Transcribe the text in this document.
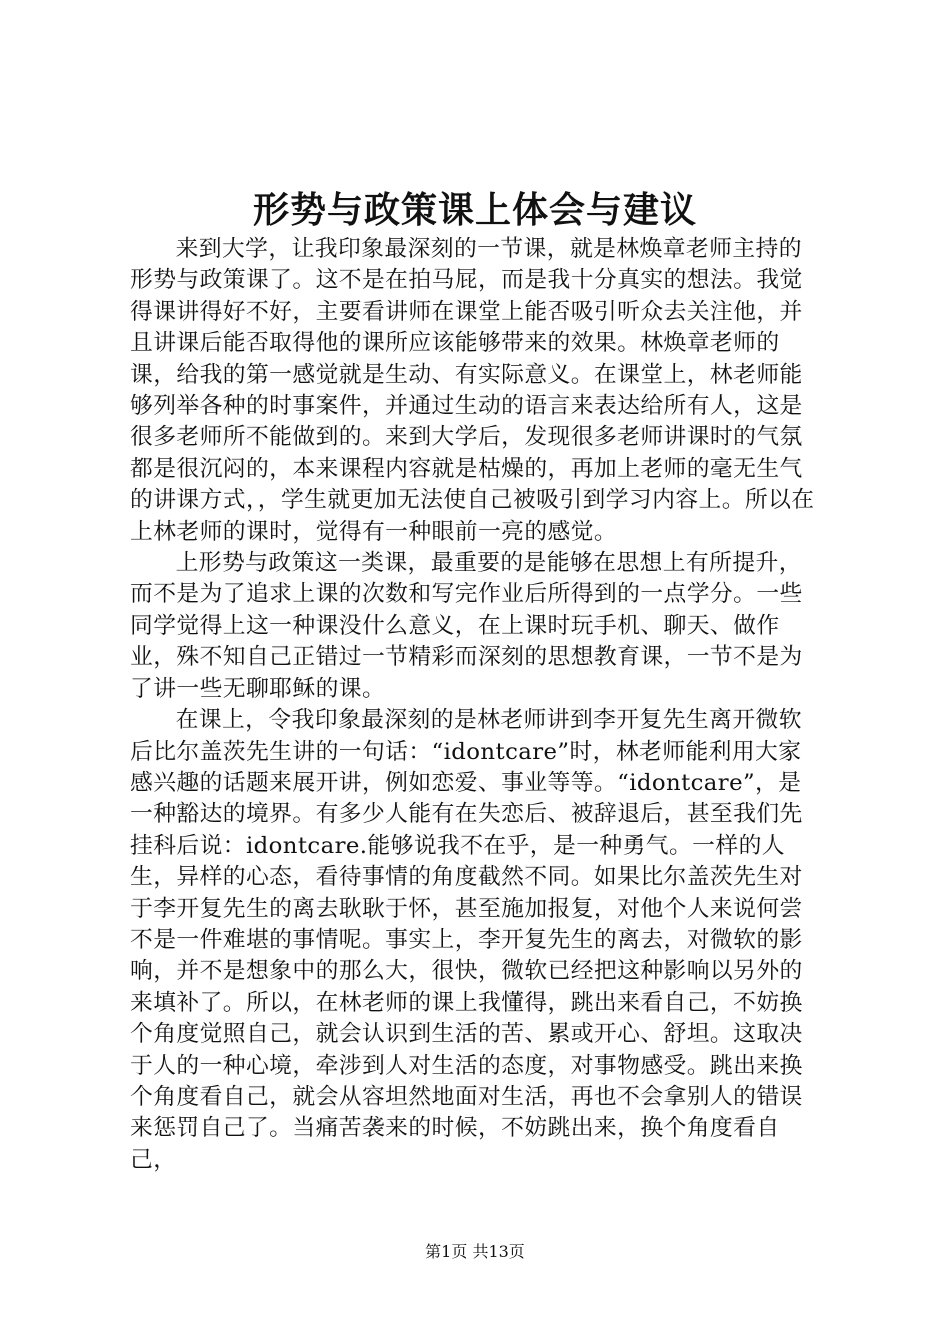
形势与政策课上体会与建议

来到大学，让我印象最深刻的一节课，就是林焕章老师主持的形势与政策课了。这不是在拍马屁，而是我十分真实的想法。我觉得课讲得好不好，主要看讲师在课堂上能否吸引听众去关注他，并且讲课后能否取得他的课所应该能够带来的效果。林焕章老师的课，给我的第一感觉就是生动、有实际意义。在课堂上，林老师能够列举各种的时事案件，并通过生动的语言来表达给所有人，这是很多老师所不能做到的。来到大学后，发现很多老师讲课时的气氛都是很沉闷的，本来课程内容就是枯燥的，再加上老师的毫无生气的讲课方式，，学生就更加无法使自己被吸引到学习内容上。所以在上林老师的课时，觉得有一种眼前一亮的感觉。

上形势与政策这一类课，最重要的是能够在思想上有所提升，而不是为了追求上课的次数和写完作业后所得到的一点学分。一些同学觉得上这一种课没什么意义，在上课时玩手机、聊天、做作业，殊不知自己正错过一节精彩而深刻的思想教育课，一节不是为了讲一些无聊耶稣的课。

在课上，令我印象最深刻的是林老师讲到李开复先生离开微软后比尔盖茨先生讲的一句话：“idontcare”时，林老师能利用大家感兴趣的话题来展开讲，例如恋爱、事业等等。“idontcare”，是一种豁达的境界。有多少人能有在失恋后、被辞退后，甚至我们先挂科后说：idontcare.能够说我不在乎，是一种勇气。一样的人生，异样的心态，看待事情的角度截然不同。如果比尔盖茨先生对于李开复先生的离去耿耿于怀，甚至施加报复，对他个人来说何尝不是一件难堪的事情呢。事实上，李开复先生的离去，对微软的影响，并不是想象中的那么大，很快，微软已经把这种影响以另外的来填补了。所以，在林老师的课上我懂得，跳出来看自己，不妨换个角度觉照自己，就会认识到生活的苦、累或开心、舒坦。这取决于人的一种心境，牵涉到人对生活的态度，对事物感受。跳出来换个角度看自己，就会从容坦然地面对生活，再也不会拿别人的错误来惩罚自己了。当痛苦袭来的时候，不妨跳出来，换个角度看自己，

第1页 共13页
